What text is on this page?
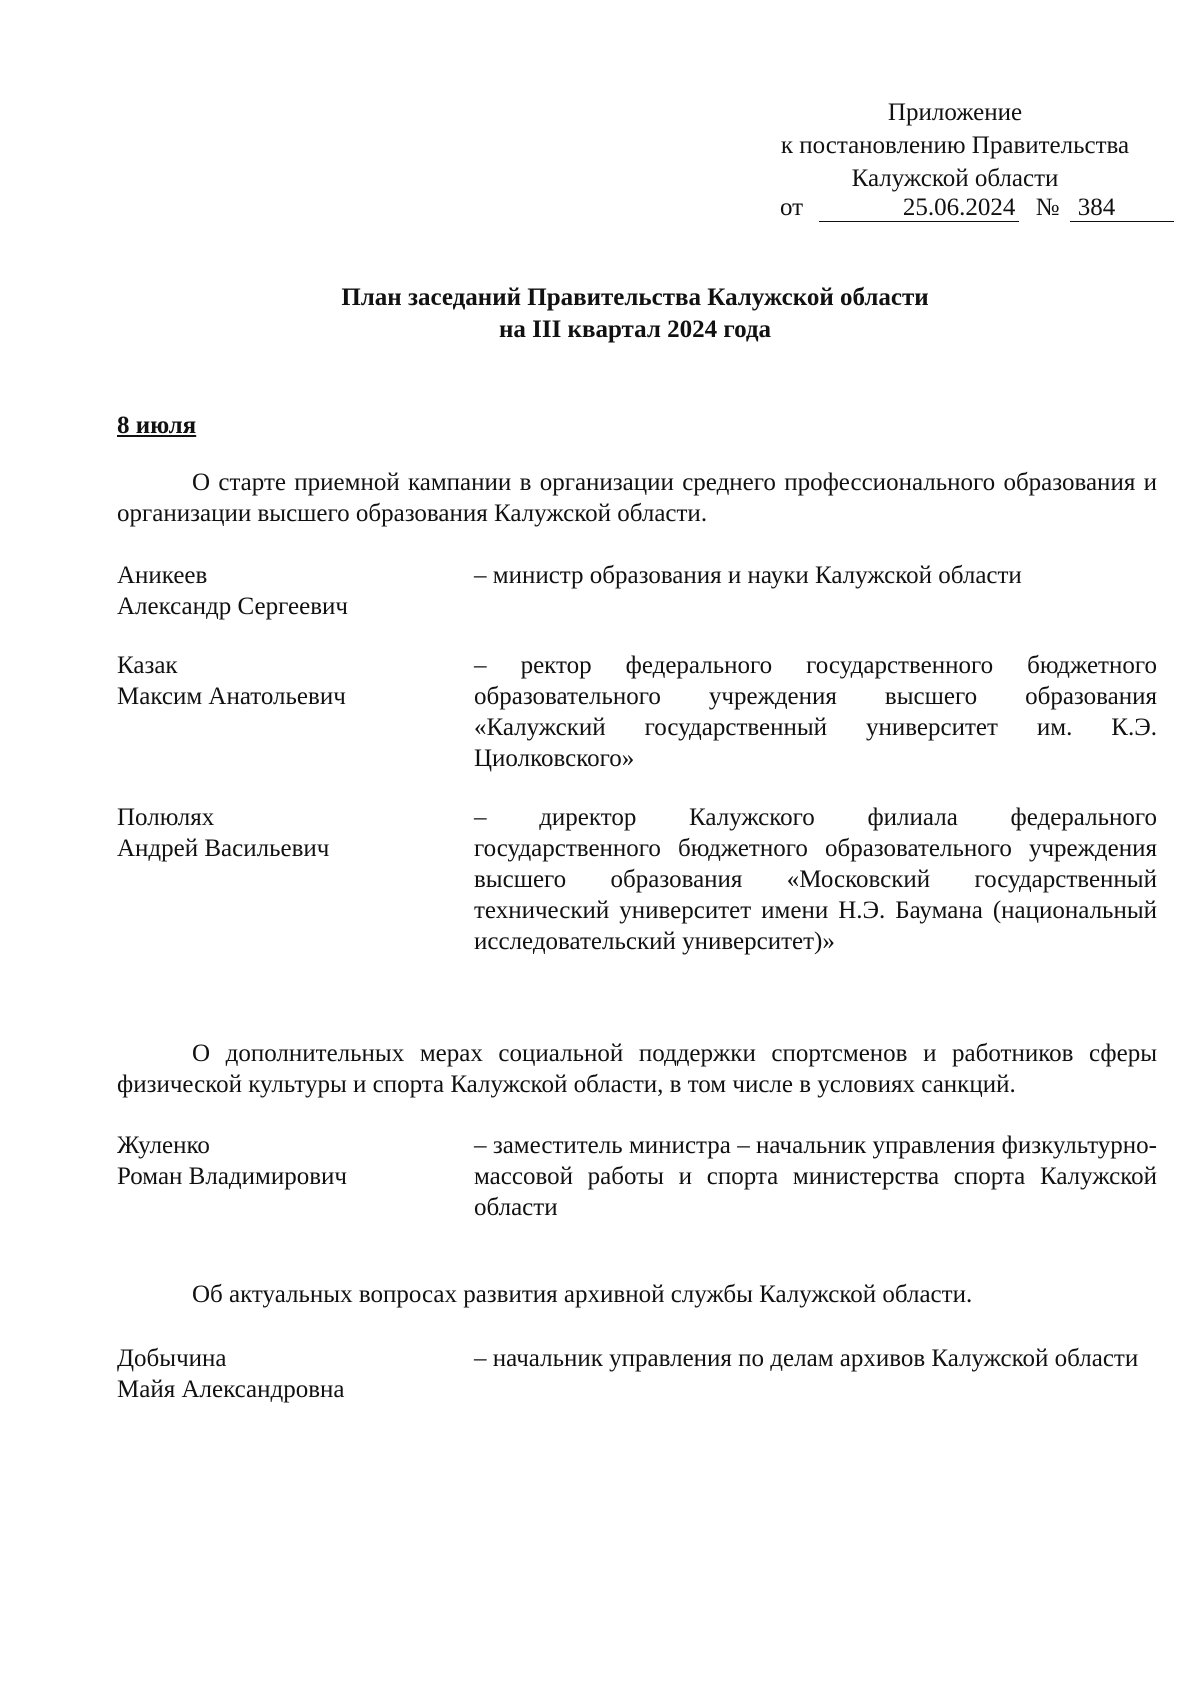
Приложение
к постановлению Правительства
Калужской области
от	25.06.2024 № 384
План заседаний Правительства Калужской области
на III квартал 2024 года
8 июля
О старте приемной кампании в организации среднего профессионального образования и организации высшего образования Калужской области.
Аникеев
Александр Сергеевич
– министр образования и науки Калужской области
Казак
Максим Анатольевич
– ректор федерального государственного бюджетного образовательного учреждения высшего образования «Калужский государственный университет им. К.Э. Циолковского»
Полюлях
Андрей Васильевич
– директор Калужского филиала федерального государственного бюджетного образовательного учреждения высшего образования «Московский государственный технический университет имени Н.Э. Баумана (национальный исследовательский университет)»
О дополнительных мерах социальной поддержки спортсменов и работников сферы физической культуры и спорта Калужской области, в том числе в условиях санкций.
Жуленко
Роман Владимирович
– заместитель министра – начальник управления физкультурно-массовой работы и спорта министерства спорта Калужской области
Об актуальных вопросах развития архивной службы Калужской области.
Добычина
Майя Александровна
– начальник управления по делам архивов Калужской области
